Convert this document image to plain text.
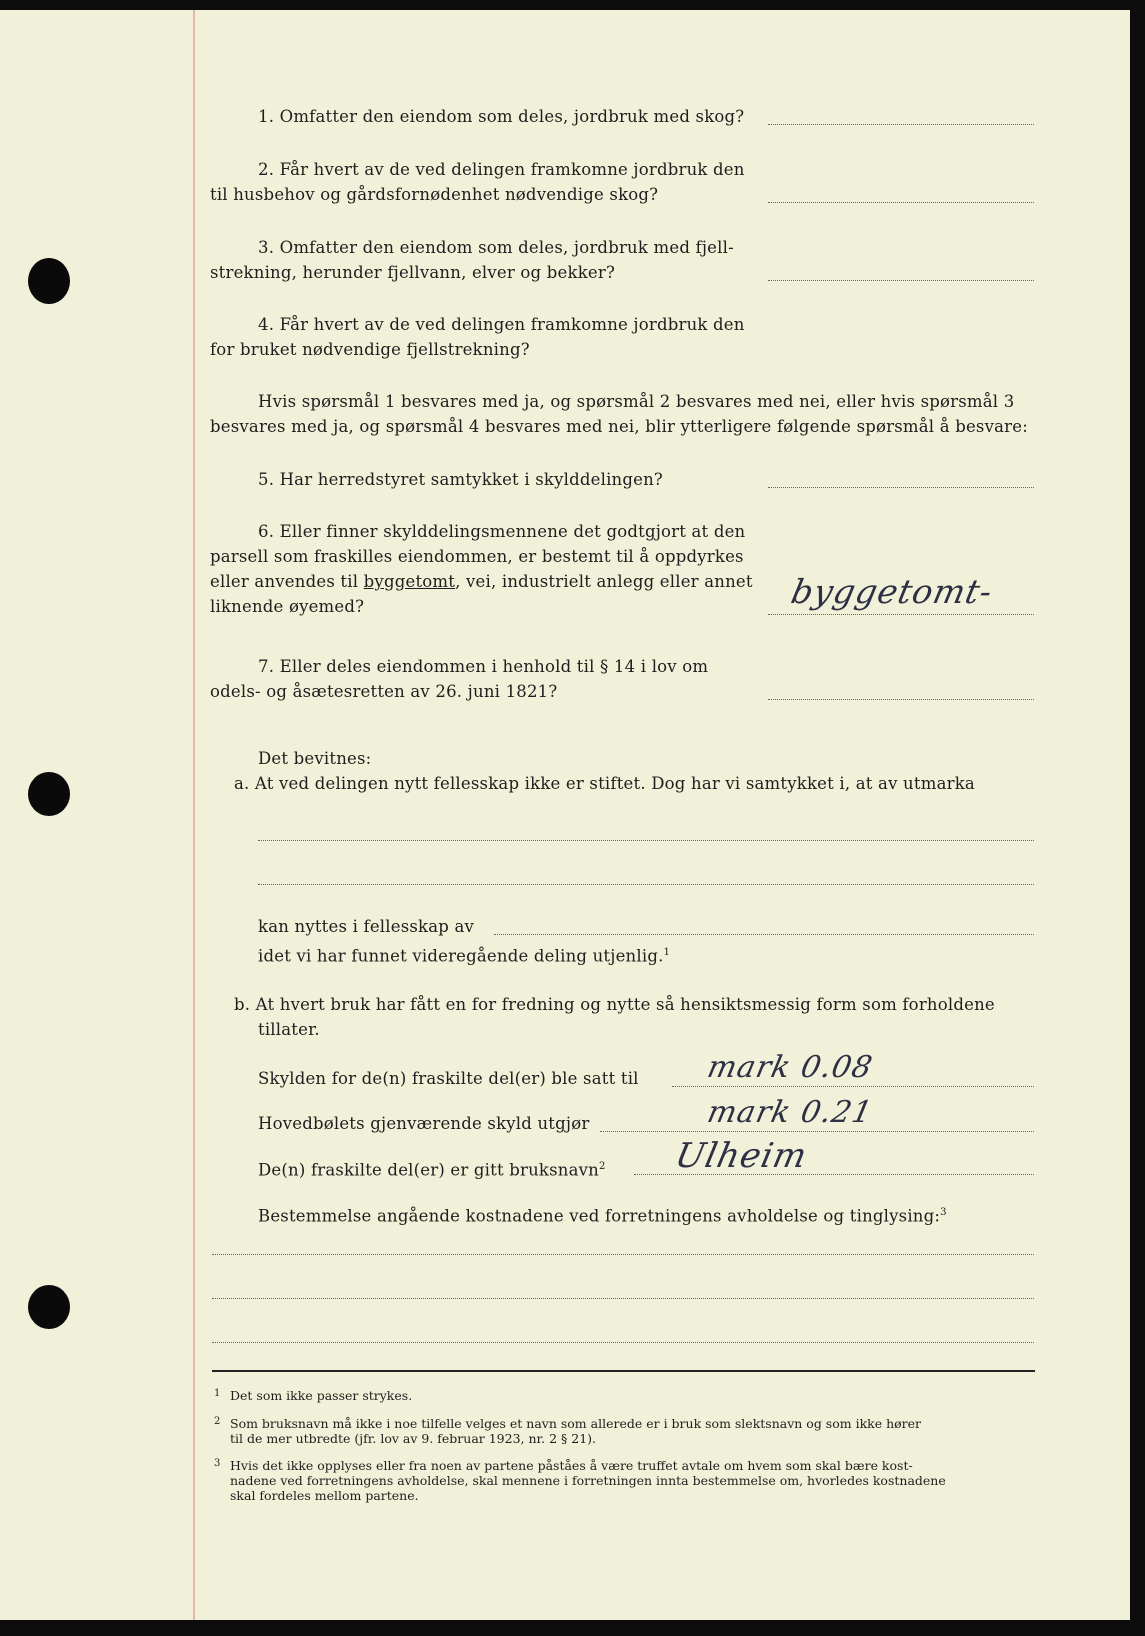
1. Omfatter den eiendom som deles, jordbruk med skog?
2. Får hvert av de ved delingen framkomne jordbruk den
til husbehov og gårdsfornødenhet nødvendige skog?
3. Omfatter den eiendom som deles, jordbruk med fjell-
strekning, herunder fjellvann, elver og bekker?
4. Får hvert av de ved delingen framkomne jordbruk den
for bruket nødvendige fjellstrekning?
Hvis spørsmål 1 besvares med ja, og spørsmål 2 besvares med nei, eller hvis spørsmål 3
besvares med ja, og spørsmål 4 besvares med nei, blir ytterligere følgende spørsmål å besvare:
5. Har herredstyret samtykket i skylddelingen?
6. Eller finner skylddelingsmennene det godtgjort at den
parsell som fraskilles eiendommen, er bestemt til å oppdyrkes
eller anvendes til byggetomt, vei, industrielt anlegg eller annet
liknende øyemed?	byggetomt-
7. Eller deles eiendommen i henhold til § 14 i lov om
odels- og åsætesretten av 26. juni 1821?
Det bevitnes:
a. At ved delingen nytt fellesskap ikke er stiftet. Dog har vi samtykket i, at av utmarka
kan nyttes i fellesskap av
idet vi har funnet videregående deling utjenlig.$^1$
b. At hvert bruk har fått en for fredning og nytte så hensiktsmessig form som forholdene
tillater.
Skylden for de(n) fraskilte del(er) ble satt til mark 0.08
Hovedbølets gjenværende skyld utgjør	mark 0.21
De(n) fraskilte del(er) er gitt bruksnavn$^2$ Ulheim
Bestemmelse angående kostnadene ved forretningens avholdelse og tinglysing:$^3$
1 Det som ikke passer strykes.
2 Som bruksnavn må ikke i noe tilfelle velges et navn som allerede er i bruk som slektsnavn og som ikke hører
til de mer utbredte (jfr. lov av 9. februar 1923, nr. 2 § 21).
3 Hvis det ikke opplyses eller fra noen av partene påståes å være truffet avtale om hvem som skal bære kost-
nadene ved forretningens avholdelse, skal mennene i forretningen innta bestemmelse om, hvorledes kostnadene
skal fordeles mellom partene.
